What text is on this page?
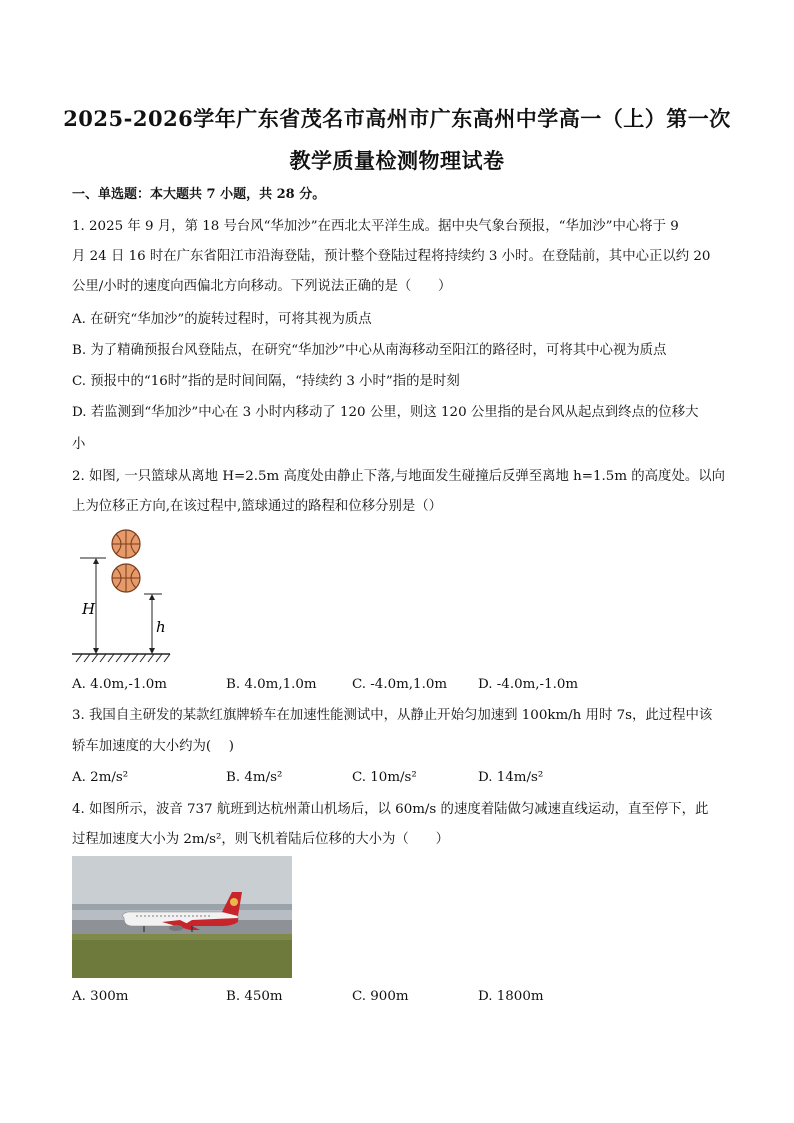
2025-2026学年广东省茂名市高州市广东高州中学高一（上）第一次
教学质量检测物理试卷
一、单选题：本大题共 7 小题，共 28 分。
1. 2025 年 9 月，第 18 号台风“华加沙”在西北太平洋生成。据中央气象台预报，“华加沙”中心将于 9
月 24 日 16 时在广东省阳江市沿海登陆，预计整个登陆过程将持续约 3 小时。在登陆前，其中心正以约 20
公里/小时的速度向西偏北方向移动。下列说法正确的是（　　）
A. 在研究“华加沙”的旋转过程时，可将其视为质点
B. 为了精确预报台风登陆点，在研究“华加沙”中心从南海移动至阳江的路径时，可将其中心视为质点
C. 预报中的“16时”指的是时间间隔，“持续约 3 小时”指的是时刻
D. 若监测到“华加沙”中心在 3 小时内移动了 120 公里，则这 120 公里指的是台风从起点到终点的位移大
小
2. 如图, 一只篮球从离地 H=2.5m 高度处由静止下落,与地面发生碰撞后反弹至离地 h=1.5m 的高度处。以向
上为位移正方向,在该过程中,篮球通过的路程和位移分别是（）
H
h
A. 4.0m,-1.0m	B. 4.0m,1.0m	C. -4.0m,1.0m D. -4.0m,-1.0m
3. 我国自主研发的某款红旗牌轿车在加速性能测试中，从静止开始匀加速到 100km/h 用时 7s，此过程中该
轿车加速度的大小约为(　 )
A. 2m/s²	B. 4m/s²	C. 10m/s²	D. 14m/s²
4. 如图所示，波音 737 航班到达杭州萧山机场后，以 60m/s 的速度着陆做匀减速直线运动，直至停下，此
过程加速度大小为 2m/s²，则飞机着陆后位移的大小为（　　）
A. 300m	B. 450m	C. 900m	D. 1800m
